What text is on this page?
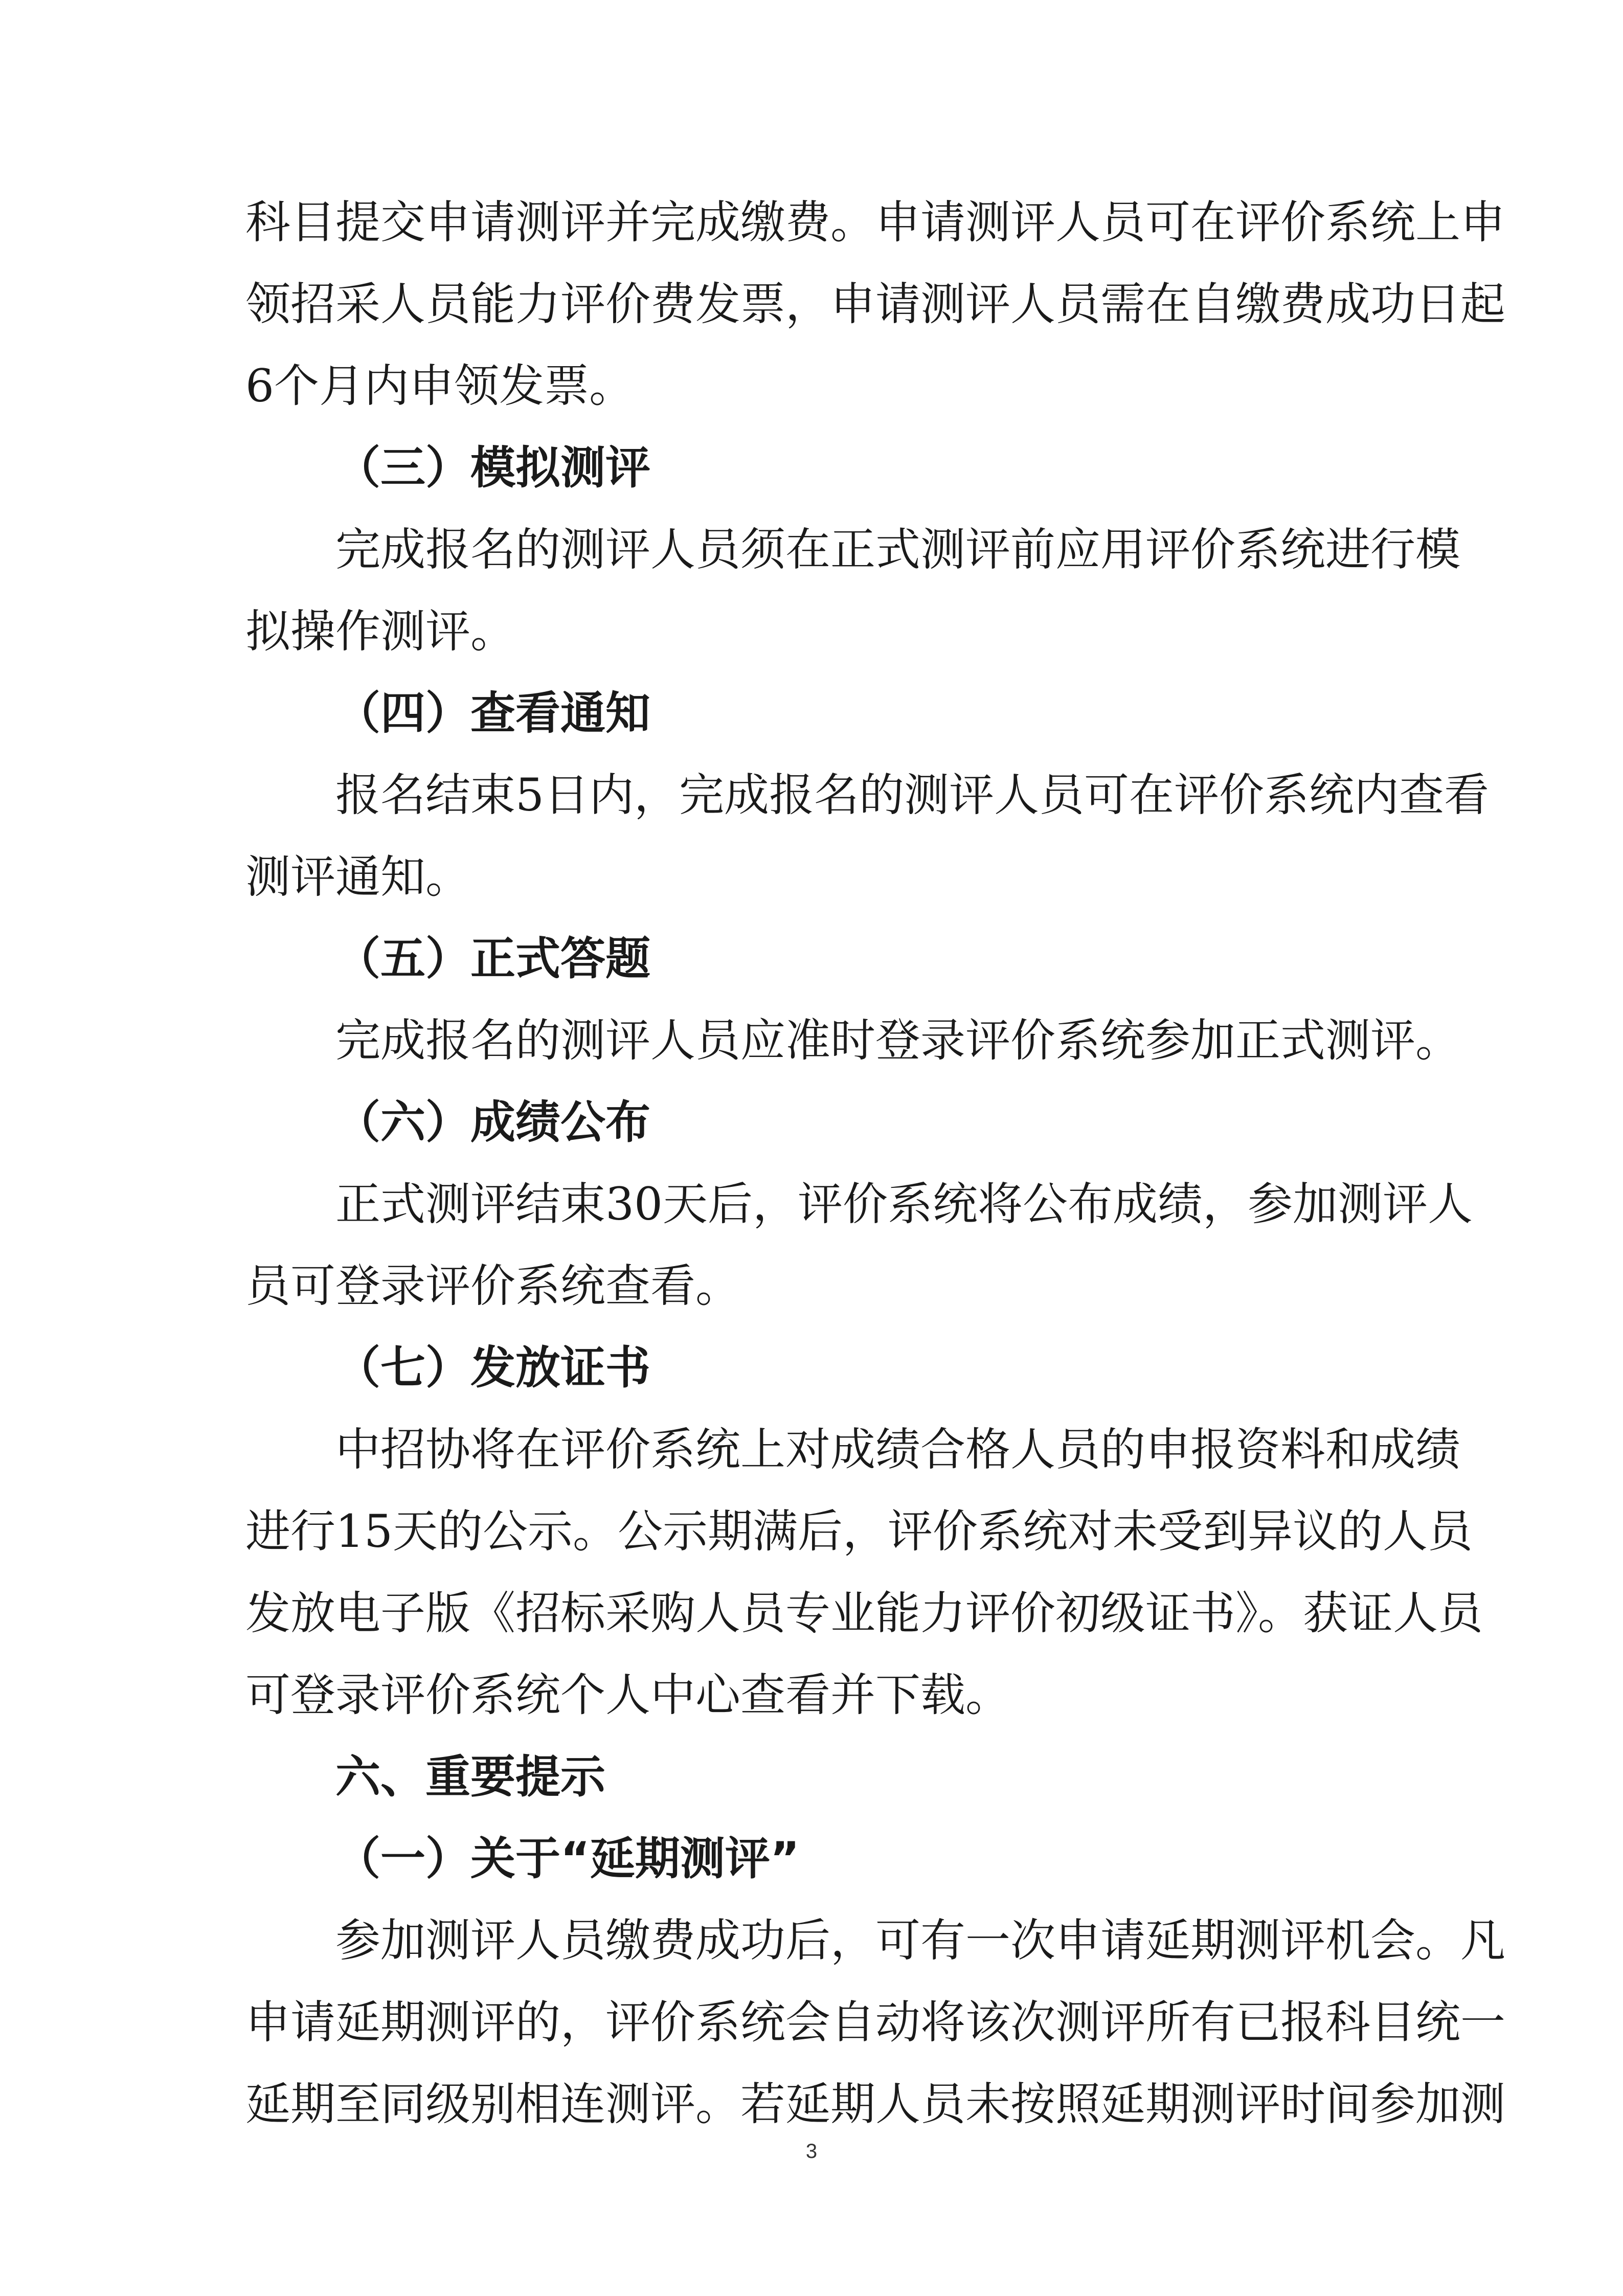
科目提交申请测评并完成缴费。申请测评人员可在评价系统上申
领招采人员能力评价费发票，申请测评人员需在自缴费成功日起
6个月内申领发票。
（三）模拟测评
完成报名的测评人员须在正式测评前应用评价系统进行模
拟操作测评。
（四）查看通知
报名结束5日内，完成报名的测评人员可在评价系统内查看
测评通知。
（五）正式答题
完成报名的测评人员应准时登录评价系统参加正式测评。
（六）成绩公布
正式测评结束30天后，评价系统将公布成绩，参加测评人
员可登录评价系统查看。
（七）发放证书
中招协将在评价系统上对成绩合格人员的申报资料和成绩
进行15天的公示。公示期满后，评价系统对未受到异议的人员
发放电子版《招标采购人员专业能力评价初级证书》。获证人员
可登录评价系统个人中心查看并下载。
六、重要提示
（一）关于“延期测评”
参加测评人员缴费成功后，可有一次申请延期测评机会。凡
申请延期测评的，评价系统会自动将该次测评所有已报科目统一
延期至同级别相连测评。若延期人员未按照延期测评时间参加测
3
